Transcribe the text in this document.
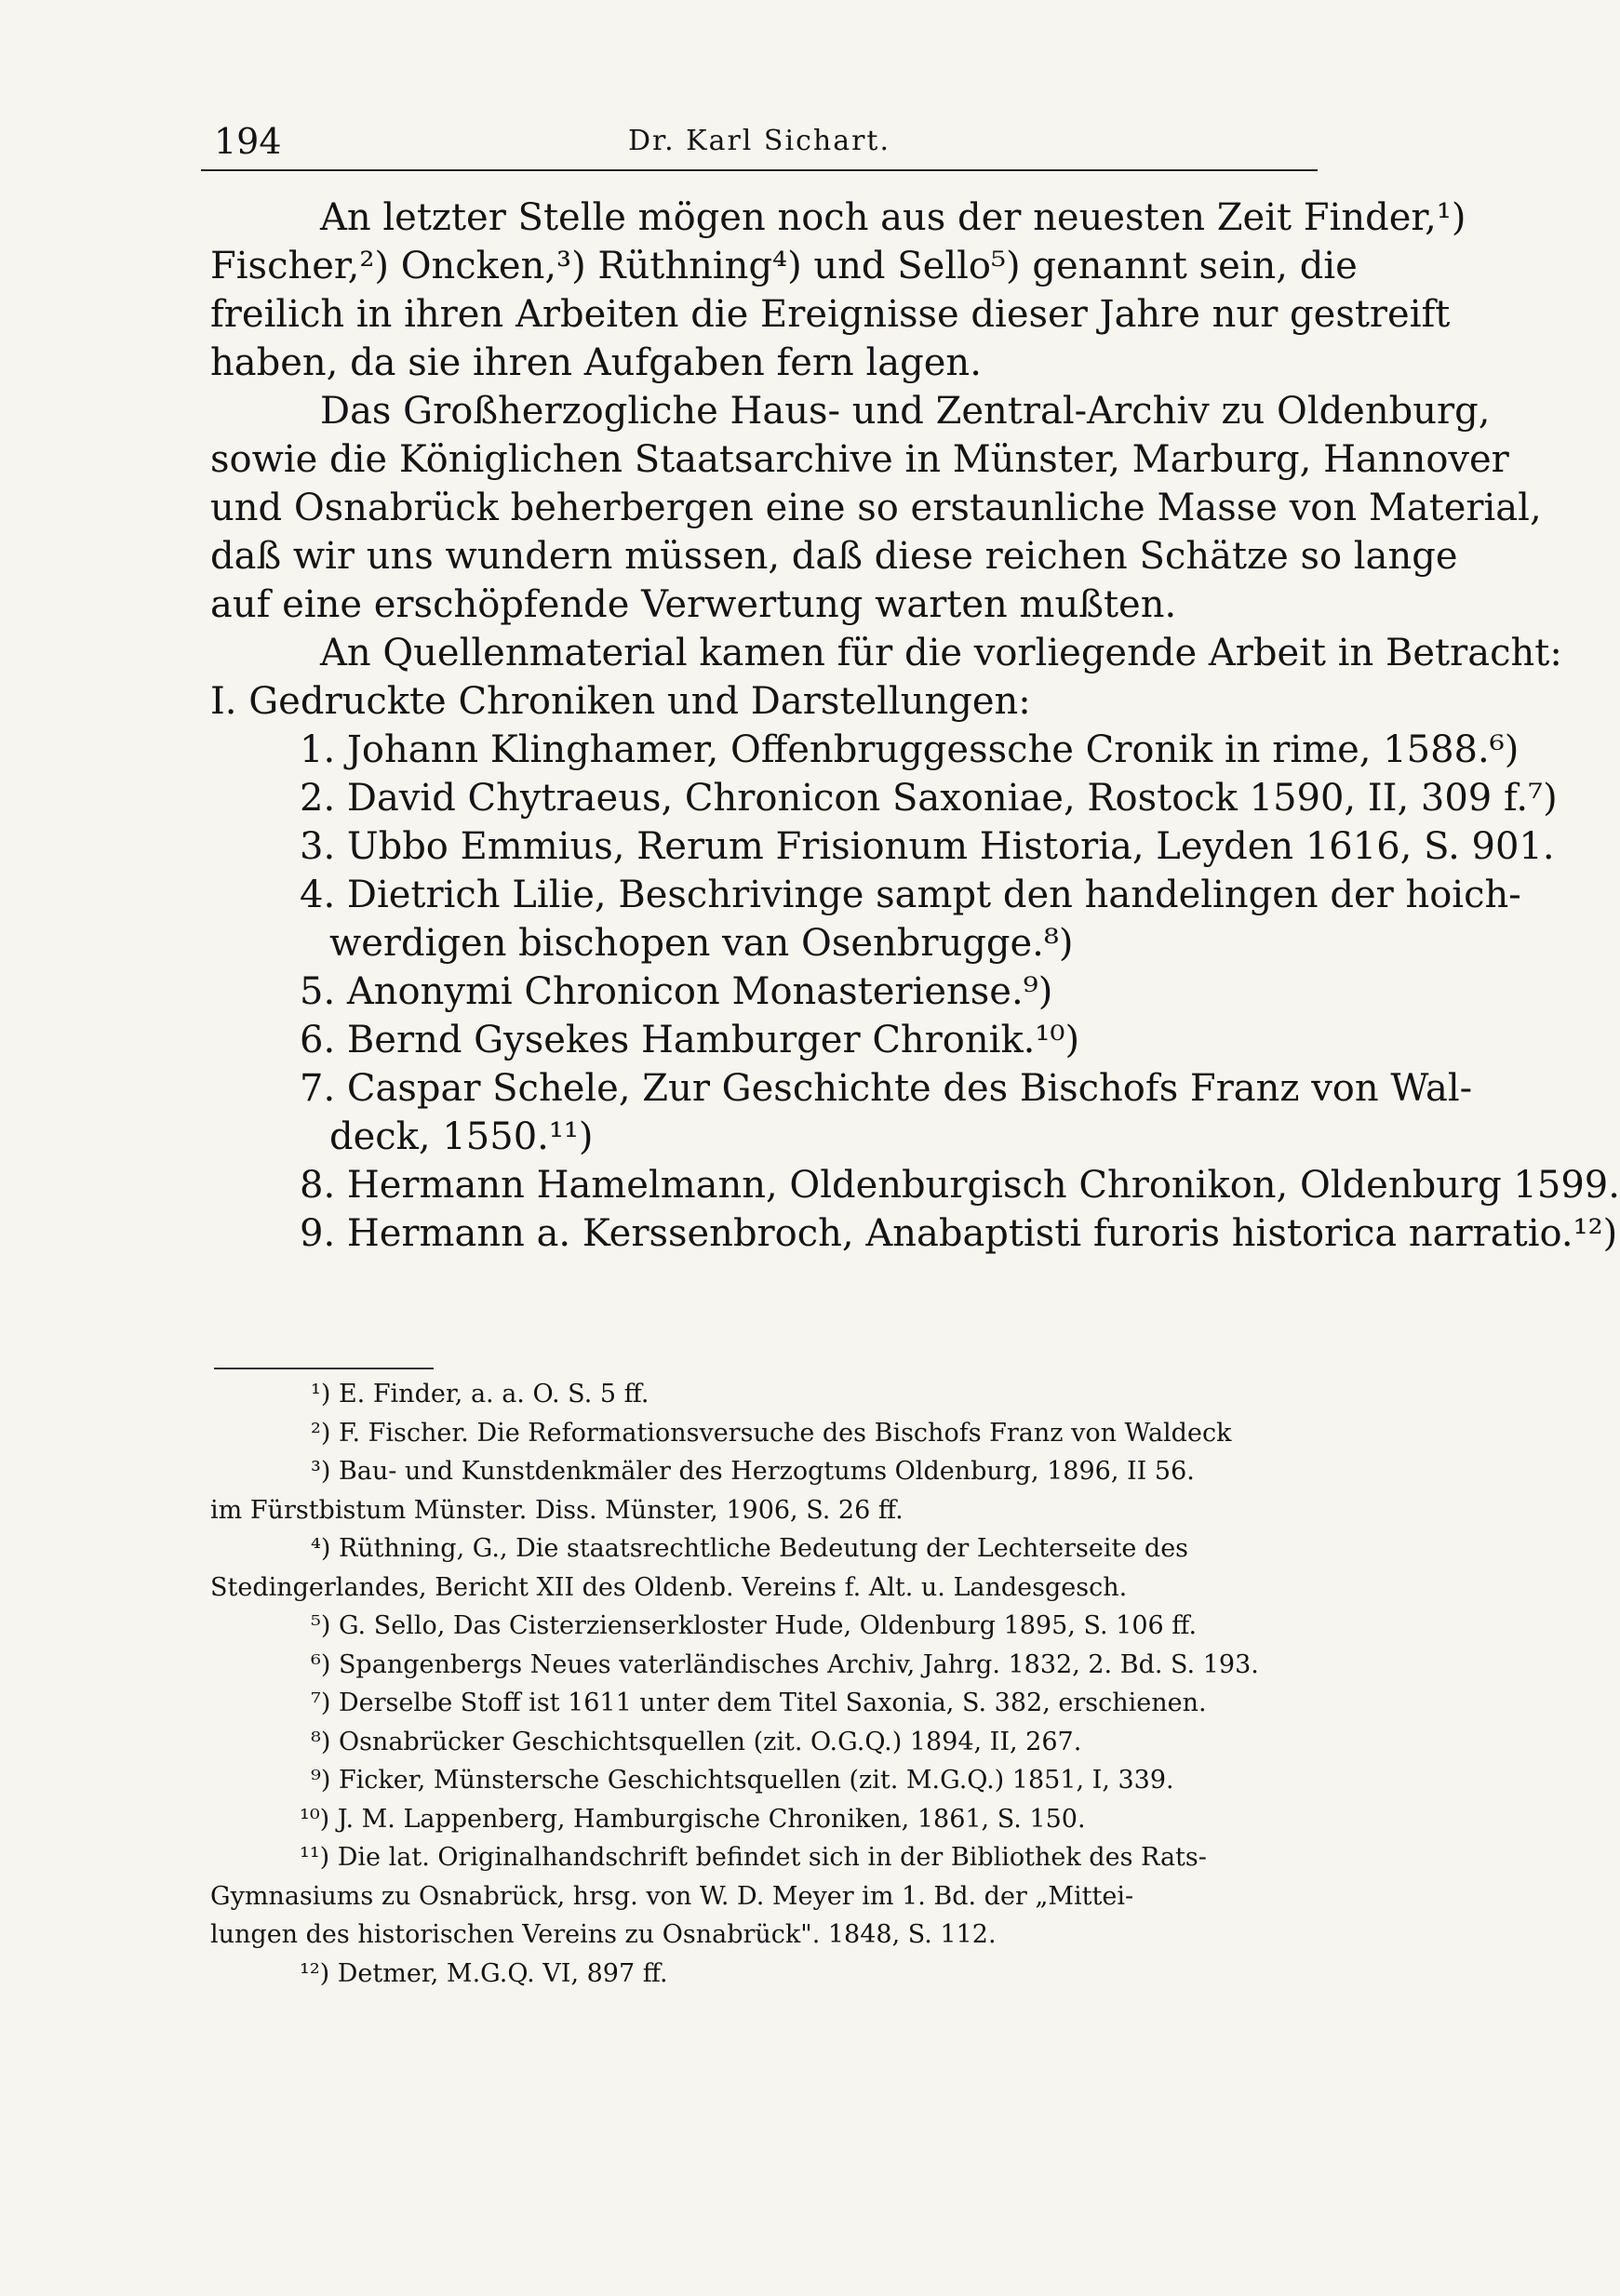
194	Dr. Karl Sichart.
An letzter Stelle mögen noch aus der neuesten Zeit Finder,¹)
Fischer,²) Oncken,³) Rüthning⁴) und Sello⁵) genannt sein, die
freilich in ihren Arbeiten die Ereignisse dieser Jahre nur gestreift
haben, da sie ihren Aufgaben fern lagen.
Das Großherzogliche Haus- und Zentral-Archiv zu Oldenburg,
sowie die Königlichen Staatsarchive in Münster, Marburg, Hannover
und Osnabrück beherbergen eine so erstaunliche Masse von Material,
daß wir uns wundern müssen, daß diese reichen Schätze so lange
auf eine erschöpfende Verwertung warten mußten.
An Quellenmaterial kamen für die vorliegende Arbeit in Betracht:
I. Gedruckte Chroniken und Darstellungen:
1. Johann Klinghamer, Offenbruggessche Cronik in rime, 1588.⁶)
2. David Chytraeus, Chronicon Saxoniae, Rostock 1590, II, 309 f.⁷)
3. Ubbo Emmius, Rerum Frisionum Historia, Leyden 1616, S. 901.
4. Dietrich Lilie, Beschrivinge sampt den handelingen der hoich-
werdigen bischopen van Osenbrugge.⁸)
5. Anonymi Chronicon Monasteriense.⁹)
6. Bernd Gysekes Hamburger Chronik.¹⁰)
7. Caspar Schele, Zur Geschichte des Bischofs Franz von Wal-
deck, 1550.¹¹)
8. Hermann Hamelmann, Oldenburgisch Chronikon, Oldenburg 1599.
9. Hermann a. Kerssenbroch, Anabaptisti furoris historica narratio.¹²)
¹) E. Finder, a. a. O. S. 5 ff.
²) F. Fischer. Die Reformationsversuche des Bischofs Franz von Waldeck
³) Bau- und Kunstdenkmäler des Herzogtums Oldenburg, 1896, II 56.
im Fürstbistum Münster. Diss. Münster, 1906, S. 26 ff.
⁴) Rüthning, G., Die staatsrechtliche Bedeutung der Lechterseite des
Stedingerlandes, Bericht XII des Oldenb. Vereins f. Alt. u. Landesgesch.
⁵) G. Sello, Das Cisterzienserkloster Hude, Oldenburg 1895, S. 106 ff.
⁶) Spangenbergs Neues vaterländisches Archiv, Jahrg. 1832, 2. Bd. S. 193.
⁷) Derselbe Stoff ist 1611 unter dem Titel Saxonia, S. 382, erschienen.
⁸) Osnabrücker Geschichtsquellen (zit. O.G.Q.) 1894, II, 267.
⁹) Ficker, Münstersche Geschichtsquellen (zit. M.G.Q.) 1851, I, 339.
¹⁰) J. M. Lappenberg, Hamburgische Chroniken, 1861, S. 150.
¹¹) Die lat. Originalhandschrift befindet sich in der Bibliothek des Rats-
Gymnasiums zu Osnabrück, hrsg. von W. D. Meyer im 1. Bd. der „Mittei-
lungen des historischen Vereins zu Osnabrück". 1848, S. 112.
¹²) Detmer, M.G.Q. VI, 897 ff.
